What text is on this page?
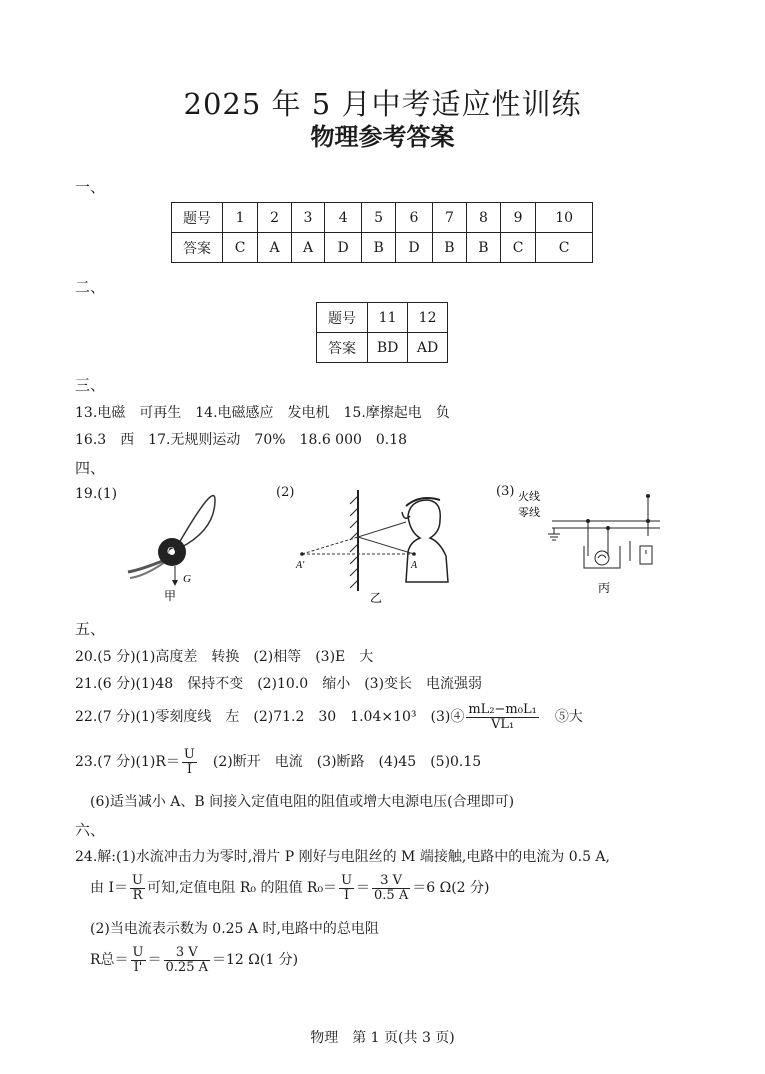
2025 年 5 月中考适应性训练
物理参考答案
一、
题号	1	2	3	4	5	6	7	8	9	10
答案	C	A	A	D	B	D	B	B	C	C
二、
题号	11	12
答案	BD	AD
三、
13.电磁　可再生　14.电磁感应　发电机　15.摩擦起电　负
16.3　西　17.无规则运动　70%　18.6 000　0.18
四、
19.(1)
O
G
甲
(2)
A'	A
乙
(3) 火线
零线
丙
五、
20.(5 分)(1)高度差　转换　(2)相等　(3)E　大
21.(6 分)(1)48　保持不变　(2)10.0　缩小　(3)变长　电流强弱
22.(7 分)(1)零刻度线　左　(2)71.2　30　1.04×10³　(3)④ $\frac{\text{mL₂−m₀L₁}}{\text{VL₁}}$
　 ⑤大
23.(7 分)$(1)R= \frac{U}{I}$
　 (2)断开　电流　(3)断路　(4)45　(5)0.15
(6)适当减小 A、B 间接入定值电阻的阻值或增大电源电压(合理即可)
六、
24.解:(1)水流冲击力为零时,滑片 P 刚好与电阻丝的 M 端接触,电路中的电流为 0.5 A,
由 $I= \frac{U}{R}$ 可知,定值电阻 R₀ 的阻值 $R_0= \frac{U}{I} = \frac{3 V}{0.5 A} =6$ Ω(2 分)
(2)当电流表示数为 0.25 A 时,电路中的总电阻
R总＝ $\frac{U}{I'} = \frac{3 V}{0.25 A} =12$ Ω(1 分)
物理　第 1 页(共 3 页)
